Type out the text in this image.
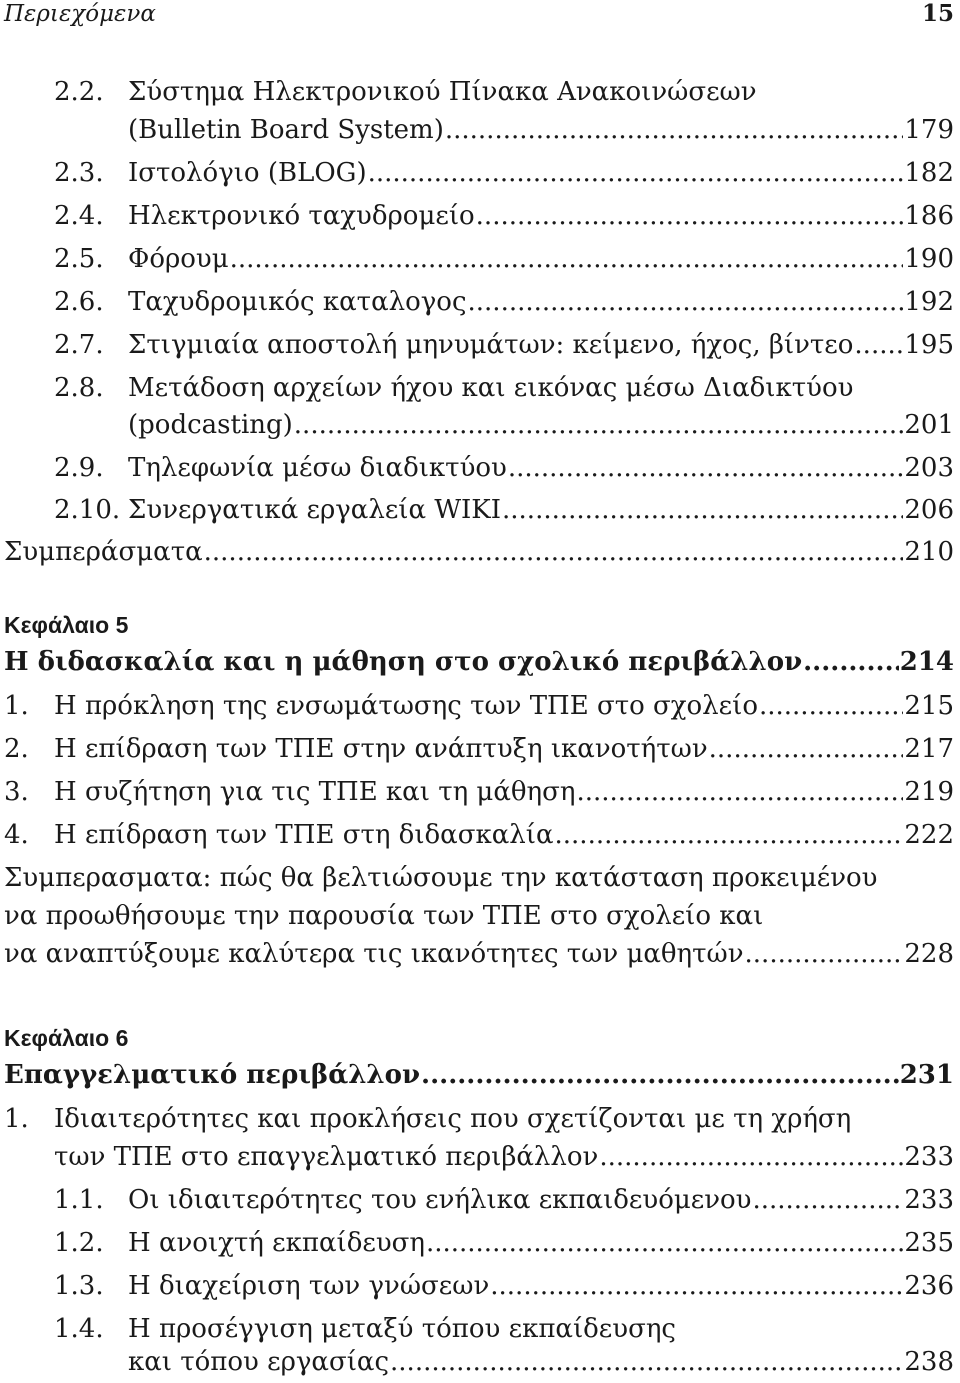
Περιεχόμενα	15
2.2. Σύστημα Ηλεκτρονικού Πίνακα Ανακοινώσεων
(Bulletin Board System) .....	179
2.3. Ιστολόγιο (BLOG) .....	182
2.4. Ηλεκτρονικό ταχυδρομείο .....	186
2.5. Φόρουμ .....	190
2.6. Ταχυδρομικός καταλογος .....	192
2.7. Στιγμιαία αποστολή μηνυμάτων: κείμενο, ήχος, βίντεο ..... 195
2.8. Μετάδοση αρχείων ήχου και εικόνας μέσω Διαδικτύου
(podcasting) .....	201
2.9. Τηλεφωνία μέσω διαδικτύου .....	203
2.10. Συνεργατικά εργαλεία WIKI .....	206
Συμπεράσματα .....	210
Κεφάλαιο 5
Η διδασκαλία και η μάθηση στο σχολικό περιβάλλον .....	214
1. Η πρόκληση της ενσωμάτωσης των ΤΠΕ στο σχολείο .....	215
2. Η επίδραση των ΤΠΕ στην ανάπτυξη ικανοτήτων .....	217
3. Η συζήτηση για τις ΤΠΕ και τη μάθηση .....	219
4. Η επίδραση των ΤΠΕ στη διδασκαλία .....	222
Συμπερασματα: πώς θα βελτιώσουμε την κατάσταση προκειμένου
να προωθήσουμε την παρουσία των ΤΠΕ στο σχολείο και
να αναπτύξουμε καλύτερα τις ικανότητες των μαθητών .....	228
Κεφάλαιο 6
Επαγγελματικό περιβάλλον .....	231
1. Ιδιαιτερότητες και προκλήσεις που σχετίζονται με τη χρήση
των ΤΠΕ στο επαγγελματικό περιβάλλον .....	233
1.1. Οι ιδιαιτερότητες του ενήλικα εκπαιδευόμενου .....	233
1.2. Η ανοιχτή εκπαίδευση .....	235
1.3. Η διαχείριση των γνώσεων .....	236
1.4. Η προσέγγιση μεταξύ τόπου εκπαίδευσης
και τόπου εργασίας .....	238
